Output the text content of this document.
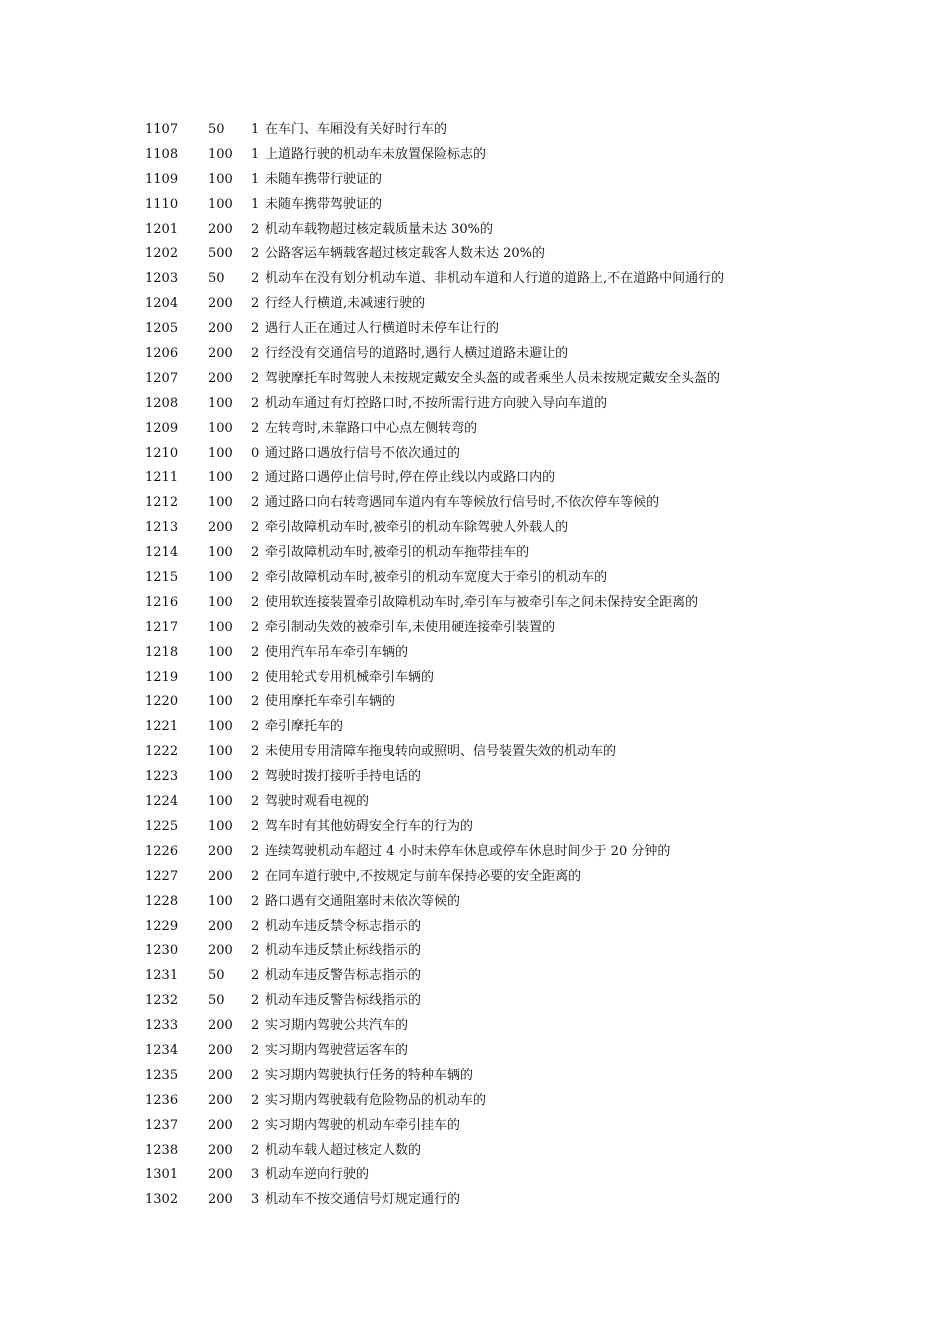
1107 50 1 在车门、车厢没有关好时行车的
1108 100 1 上道路行驶的机动车未放置保险标志的
1109 100 1 未随车携带行驶证的
1110 100 1 未随车携带驾驶证的
1201 200 2 机动车载物超过核定载质量未达 30%的
1202 500 2 公路客运车辆载客超过核定载客人数未达 20%的
1203 50 2 机动车在没有划分机动车道、非机动车道和人行道的道路上,不在道路中间通行的
1204 200 2 行经人行横道,未减速行驶的
1205 200 2 遇行人正在通过人行横道时未停车让行的
1206 200 2 行经没有交通信号的道路时,遇行人横过道路未避让的
1207 200 2 驾驶摩托车时驾驶人未按规定戴安全头盔的或者乘坐人员未按规定戴安全头盔的
1208 100 2 机动车通过有灯控路口时,不按所需行进方向驶入导向车道的
1209 100 2 左转弯时,未靠路口中心点左侧转弯的
1210 100 0 通过路口遇放行信号不依次通过的
1211 100 2 通过路口遇停止信号时,停在停止线以内或路口内的
1212 100 2 通过路口向右转弯遇同车道内有车等候放行信号时,不依次停车等候的
1213 200 2 牵引故障机动车时,被牵引的机动车除驾驶人外载人的
1214 100 2 牵引故障机动车时,被牵引的机动车拖带挂车的
1215 100 2 牵引故障机动车时,被牵引的机动车宽度大于牵引的机动车的
1216 100 2 使用软连接装置牵引故障机动车时,牵引车与被牵引车之间未保持安全距离的
1217 100 2 牵引制动失效的被牵引车,未使用硬连接牵引装置的
1218 100 2 使用汽车吊车牵引车辆的
1219 100 2 使用轮式专用机械牵引车辆的
1220 100 2 使用摩托车牵引车辆的
1221 100 2 牵引摩托车的
1222 100 2 未使用专用清障车拖曳转向或照明、信号装置失效的机动车的
1223 100 2 驾驶时拨打接听手持电话的
1224 100 2 驾驶时观看电视的
1225 100 2 驾车时有其他妨碍安全行车的行为的
1226 200 2 连续驾驶机动车超过 4 小时未停车休息或停车休息时间少于 20 分钟的
1227 200 2 在同车道行驶中,不按规定与前车保持必要的安全距离的
1228 100 2 路口遇有交通阻塞时未依次等候的
1229 200 2 机动车违反禁令标志指示的
1230 200 2 机动车违反禁止标线指示的
1231 50 2 机动车违反警告标志指示的
1232 50 2 机动车违反警告标线指示的
1233 200 2 实习期内驾驶公共汽车的
1234 200 2 实习期内驾驶营运客车的
1235 200 2 实习期内驾驶执行任务的特种车辆的
1236 200 2 实习期内驾驶载有危险物品的机动车的
1237 200 2 实习期内驾驶的机动车牵引挂车的
1238 200 2 机动车载人超过核定人数的
1301 200 3 机动车逆向行驶的
1302 200 3 机动车不按交通信号灯规定通行的
